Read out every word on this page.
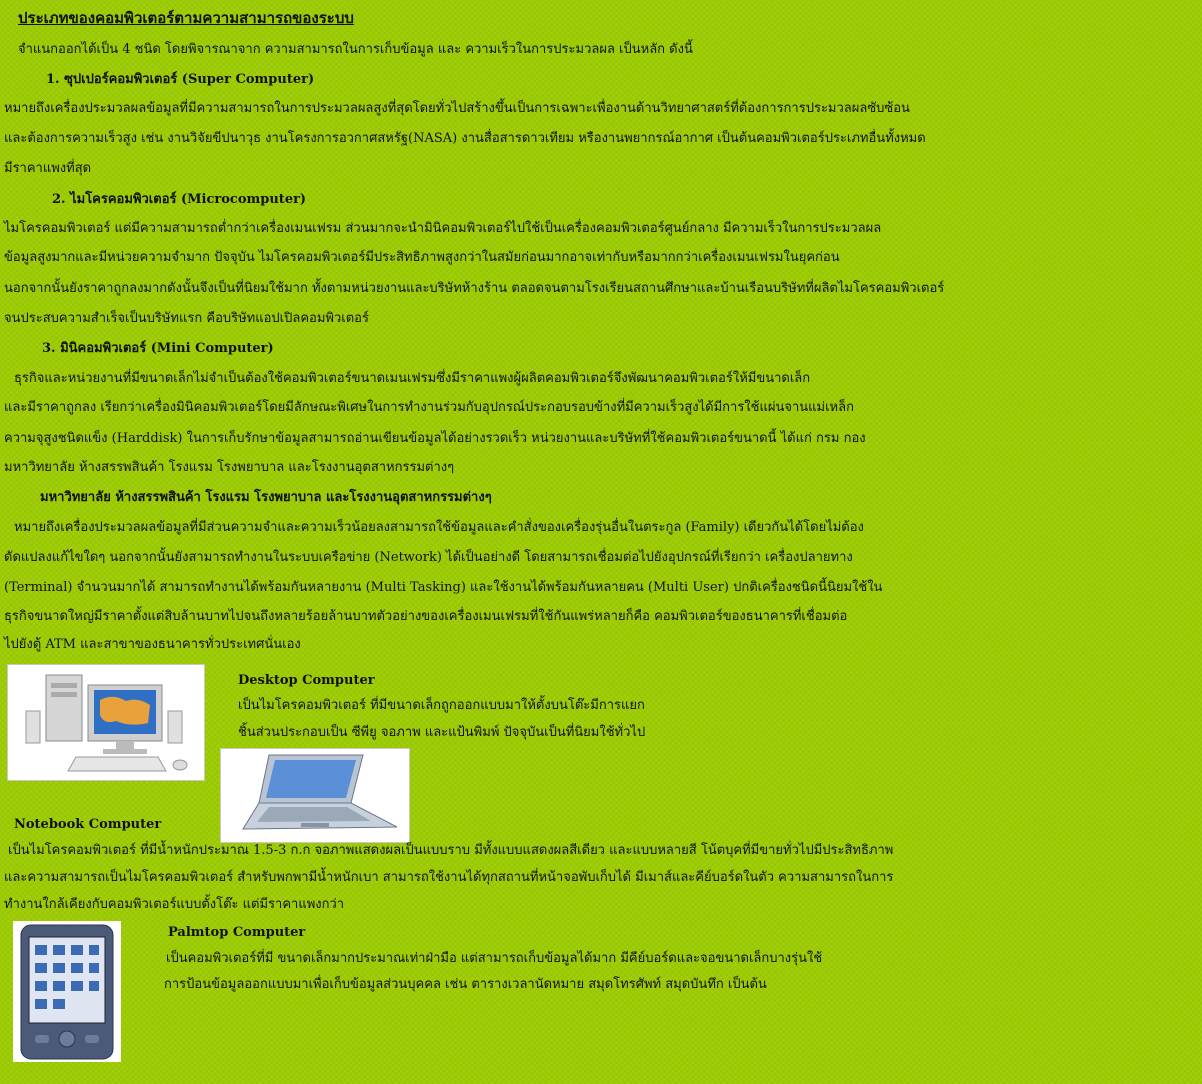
ประเภทของคอมพิวเตอร์ตามความสามารถของระบบ
จำแนกออกได้เป็น 4 ชนิด โดยพิจารณาจาก ความสามารถในการเก็บข้อมูล และ ความเร็วในการประมวลผล เป็นหลัก ดังนี้
1. ซุปเปอร์คอมพิวเตอร์ (Super Computer)
หมายถึงเครื่องประมวลผลข้อมูลที่มีความสามารถในการประมวลผลสูงที่สุดโดยทั่วไปสร้างขึ้นเป็นการเฉพาะเพื่องานด้านวิทยาศาสตร์ที่ต้องการการประมวลผลซับซ้อน
และต้องการความเร็วสูง เช่น งานวิจัยขีปนาวุธ งานโครงการอวกาศสหรัฐ(NASA) งานสื่อสารดาวเทียม หรืองานพยากรณ์อากาศ เป็นต้นคอมพิวเตอร์ประเภทอื่นทั้งหมด
มีราคาแพงที่สุด
2. ไมโครคอมพิวเตอร์ (Microcomputer)
ไมโครคอมพิวเตอร์ แต่มีความสามารถต่ำกว่าเครื่องเมนเฟรม ส่วนมากจะนำมินิคอมพิวเตอร์ไปใช้เป็นเครื่องคอมพิวเตอร์ศูนย์กลาง มีความเร็วในการประมวลผล
ข้อมูลสูงมากและมีหน่วยความจำมาก ปัจจุบัน ไมโครคอมพิวเตอร์มีประสิทธิภาพสูงกว่าในสมัยก่อนมากอาจเท่ากับหรือมากกว่าเครื่องเมนเฟรมในยุคก่อน
นอกจากนั้นยังราคาถูกลงมากดังนั้นจึงเป็นที่นิยมใช้มาก ทั้งตามหน่วยงานและบริษัทห้างร้าน ตลอดจนตามโรงเรียนสถานศึกษาและบ้านเรือนบริษัทที่ผลิตไมโครคอมพิวเตอร์
จนประสบความสำเร็จเป็นบริษัทแรก คือบริษัทแอปเปิลคอมพิวเตอร์
3. มินิคอมพิวเตอร์ (Mini Computer)
ธุรกิจและหน่วยงานที่มีขนาดเล็กไม่จำเป็นต้องใช้คอมพิวเตอร์ขนาดเมนเฟรมซึ่งมีราคาแพงผู้ผลิตคอมพิวเตอร์จึงพัฒนาคอมพิวเตอร์ให้มีขนาดเล็ก
และมีราคาถูกลง เรียกว่าเครื่องมินิคอมพิวเตอร์โดยมีลักษณะพิเศษในการทำงานร่วมกับอุปกรณ์ประกอบรอบข้างที่มีความเร็วสูงได้มีการใช้แผ่นจานแม่เหล็ก
ความจุสูงชนิดแข็ง (Harddisk) ในการเก็บรักษาข้อมูลสามารถอ่านเขียนข้อมูลได้อย่างรวดเร็ว หน่วยงานและบริษัทที่ใช้คอมพิวเตอร์ขนาดนี้ ได้แก่ กรม กอง
มหาวิทยาลัย ห้างสรรพสินค้า โรงแรม โรงพยาบาล และโรงงานอุตสาหกรรมต่างๆ
มหาวิทยาลัย ห้างสรรพสินค้า โรงแรม โรงพยาบาล และโรงงานอุตสาหกรรมต่างๆ
หมายถึงเครื่องประมวลผลข้อมูลที่มีส่วนความจำและความเร็วน้อยลงสามารถใช้ข้อมูลและคำสั่งของเครื่องรุ่นอื่นในตระกูล (Family) เดียวกันได้โดยไม่ต้อง
ดัดแปลงแก้ไขใดๆ นอกจากนั้นยังสามารถทำงานในระบบเครือข่าย (Network) ได้เป็นอย่างดี โดยสามารถเชื่อมต่อไปยังอุปกรณ์ที่เรียกว่า เครื่องปลายทาง
(Terminal) จำนวนมากได้ สามารถทำงานได้พร้อมกันหลายงาน (Multi Tasking) และใช้งานได้พร้อมกันหลายคน (Multi User) ปกติเครื่องชนิดนี้นิยมใช้ใน
ธุรกิจขนาดใหญ่มีราคาตั้งแต่สิบล้านบาทไปจนถึงหลายร้อยล้านบาทตัวอย่างของเครื่องเมนเฟรมที่ใช้กันแพร่หลายก็คือ คอมพิวเตอร์ของธนาคารที่เชื่อมต่อ
ไปยังตู้ ATM และสาขาของธนาคารทั่วประเทศนั่นเอง
Desktop Computer
เป็นไมโครคอมพิวเตอร์ ที่มีขนาดเล็กถูกออกแบบมาให้ตั้งบนโต๊ะมีการแยก
ชิ้นส่วนประกอบเป็น ซีพียู จอภาพ และแป้นพิมพ์ ปัจจุบันเป็นที่นิยมใช้ทั่วไป
Notebook Computer
เป็นไมโครคอมพิวเตอร์ ที่มีน้ำหนักประมาณ 1.5-3 ก.ก จอภาพแสดงผลเป็นแบบราบ มีทั้งแบบแสดงผลสีเดียว และแบบหลายสี โน้ตบุคที่มีขายทั่วไปมีประสิทธิภาพ
และความสามารถเป็นไมโครคอมพิวเตอร์ สำหรับพกพามีน้ำหนักเบา สามารถใช้งานได้ทุกสถานที่หน้าจอพับเก็บได้ มีเมาส์และคีย์บอร์ดในตัว ความสามารถในการ
ทำงานใกล้เคียงกับคอมพิวเตอร์แบบตั้งโต๊ะ แต่มีราคาแพงกว่า
Palmtop Computer
เป็นคอมพิวเตอร์ที่มี ขนาดเล็กมากประมาณเท่าฝ่ามือ แต่สามารถเก็บข้อมูลได้มาก มีคีย์บอร์ดและจอขนาดเล็กบางรุ่นใช้
การป้อนข้อมูลออกแบบมาเพื่อเก็บข้อมูลส่วนบุคคล เช่น ตารางเวลานัดหมาย สมุดโทรศัพท์ สมุดบันทึก เป็นต้น
